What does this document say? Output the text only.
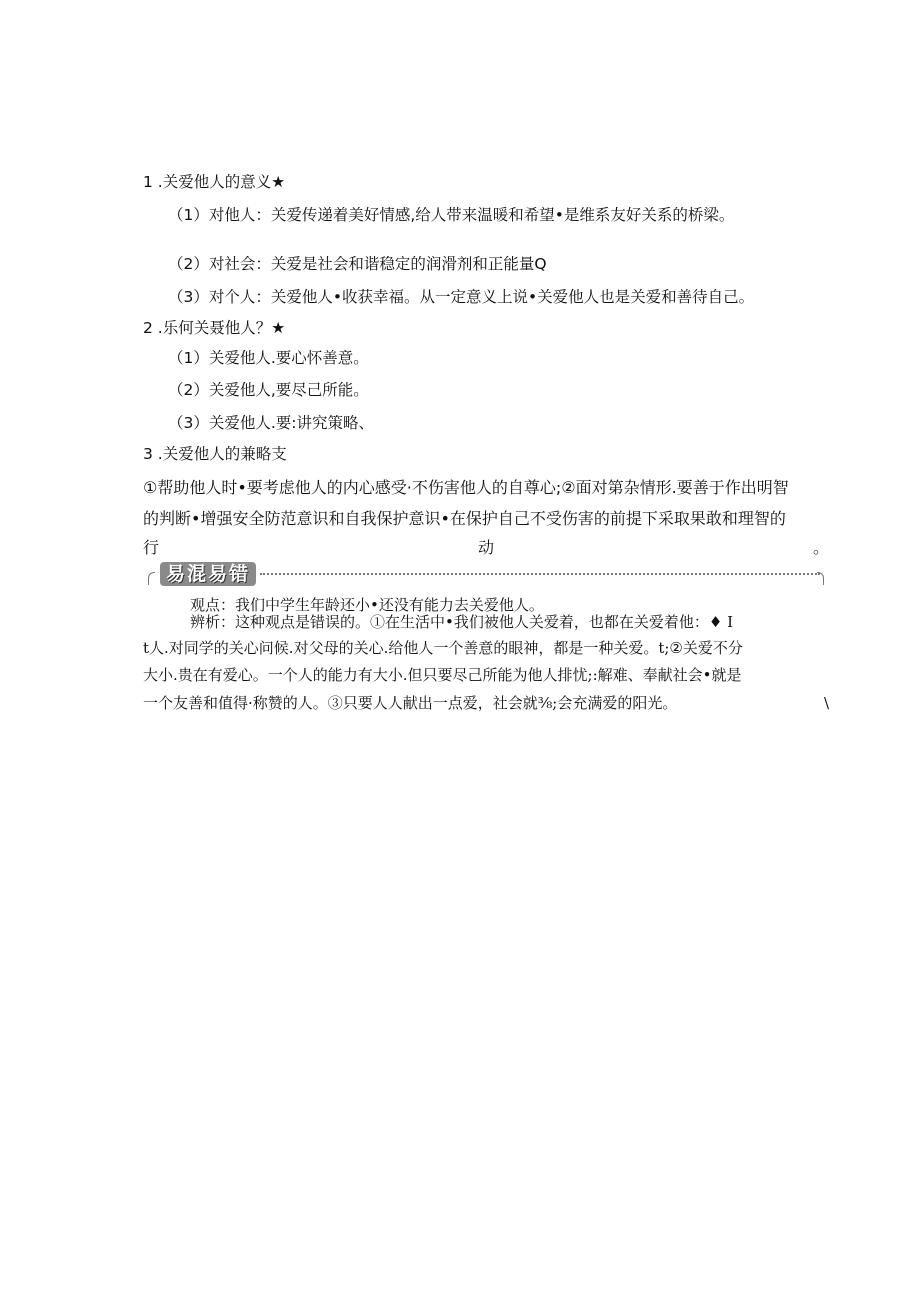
1 .关爱他人的意义★
（1）对他人：关爱传递着美好情感,给人带来温暖和希望•是维系友好关系的桥梁。
（2）对社会：关爱是社会和谐稳定的润滑剂和正能量Q
（3）对个人：关爱他人•收获幸福。从一定意义上说•关爱他人也是关爱和善待自己。
2 .乐何关聂他人？★
（1）关爱他人.要心怀善意。
（2）关爱他人,要尽己所能。
（3）关爱他人.要:讲究策略、
3 .关爱他人的兼略支
①帮助他人时•要考虑他人的内心感受·不伤害他人的自尊心;②面对第杂情形.要善于作出明智
的判断•增强安全防范意识和自我保护意识•在保护自己不受伤害的前提下采取果敢和理智的
行	动	。
易混易错
观点：我们中学生年龄还小•还没有能力去关爱他人。
辨析：这种观点是错误的。①在生活中•我们被他人关爱着，也都在关爱着他：♦ I
t人.对同学的关心问候.对父母的关心.给他人一个善意的眼神，都是一种关爱。t;②关爱不分
大小.贵在有爱心。一个人的能力有大小.但只要尽己所能为他人排忧;:解难、奉献社会•就是
一个友善和值得·称赞的人。③只要人人献出一点爱，社会就⅜;会充满爱的阳光。	\
